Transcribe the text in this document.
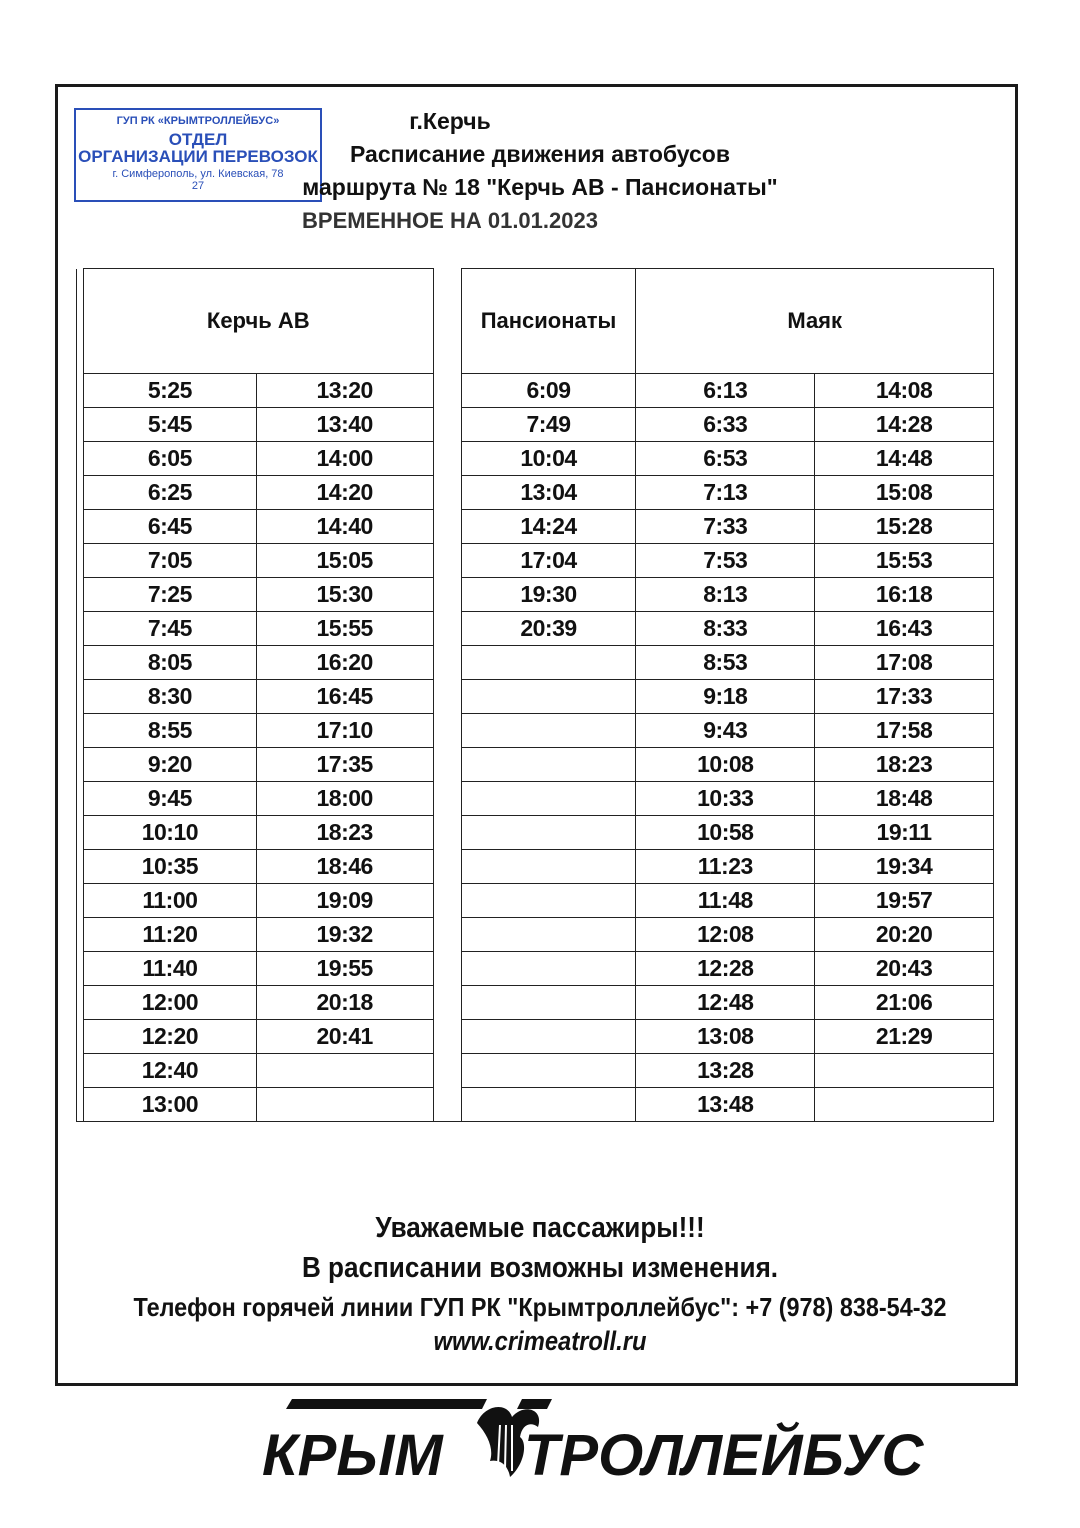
ГУП РК «КРЫМТРОЛЛЕЙБУС»
ОТДЕЛ
ОРГАНИЗАЦИИ ПЕРЕВОЗОК
г. Симферополь, ул. Киевская, 78
27
г.Керчь
Расписание движения автобусов
маршрута № 18 "Керчь АВ - Пансионаты"
ВРЕМЕННОЕ НА 01.01.2023
	Керчь АВ			Пансионаты	Маяк	
	5:25	13:20		6:09	6:13	14:08
	5:45	13:40		7:49	6:33	14:28
	6:05	14:00		10:04	6:53	14:48
	6:25	14:20		13:04	7:13	15:08
	6:45	14:40		14:24	7:33	15:28
	7:05	15:05		17:04	7:53	15:53
	7:25	15:30		19:30	8:13	16:18
	7:45	15:55		20:39	8:33	16:43
	8:05	16:20			8:53	17:08
	8:30	16:45			9:18	17:33
	8:55	17:10			9:43	17:58
	9:20	17:35			10:08	18:23
	9:45	18:00			10:33	18:48
	10:10	18:23			10:58	19:11
	10:35	18:46			11:23	19:34
	11:00	19:09			11:48	19:57
	11:20	19:32			12:08	20:20
	11:40	19:55			12:28	20:43
	12:00	20:18			12:48	21:06
	12:20	20:41			13:08	21:29
	12:40				13:28	
	13:00				13:48	
Уважаемые пассажиры!!!
В расписании возможны изменения.
Телефон горячей линии ГУП РК "Крымтроллейбус": +7 (978) 838-54-32
www.crimeatroll.ru
КРЫМ ТРОЛЛЕЙБУС
